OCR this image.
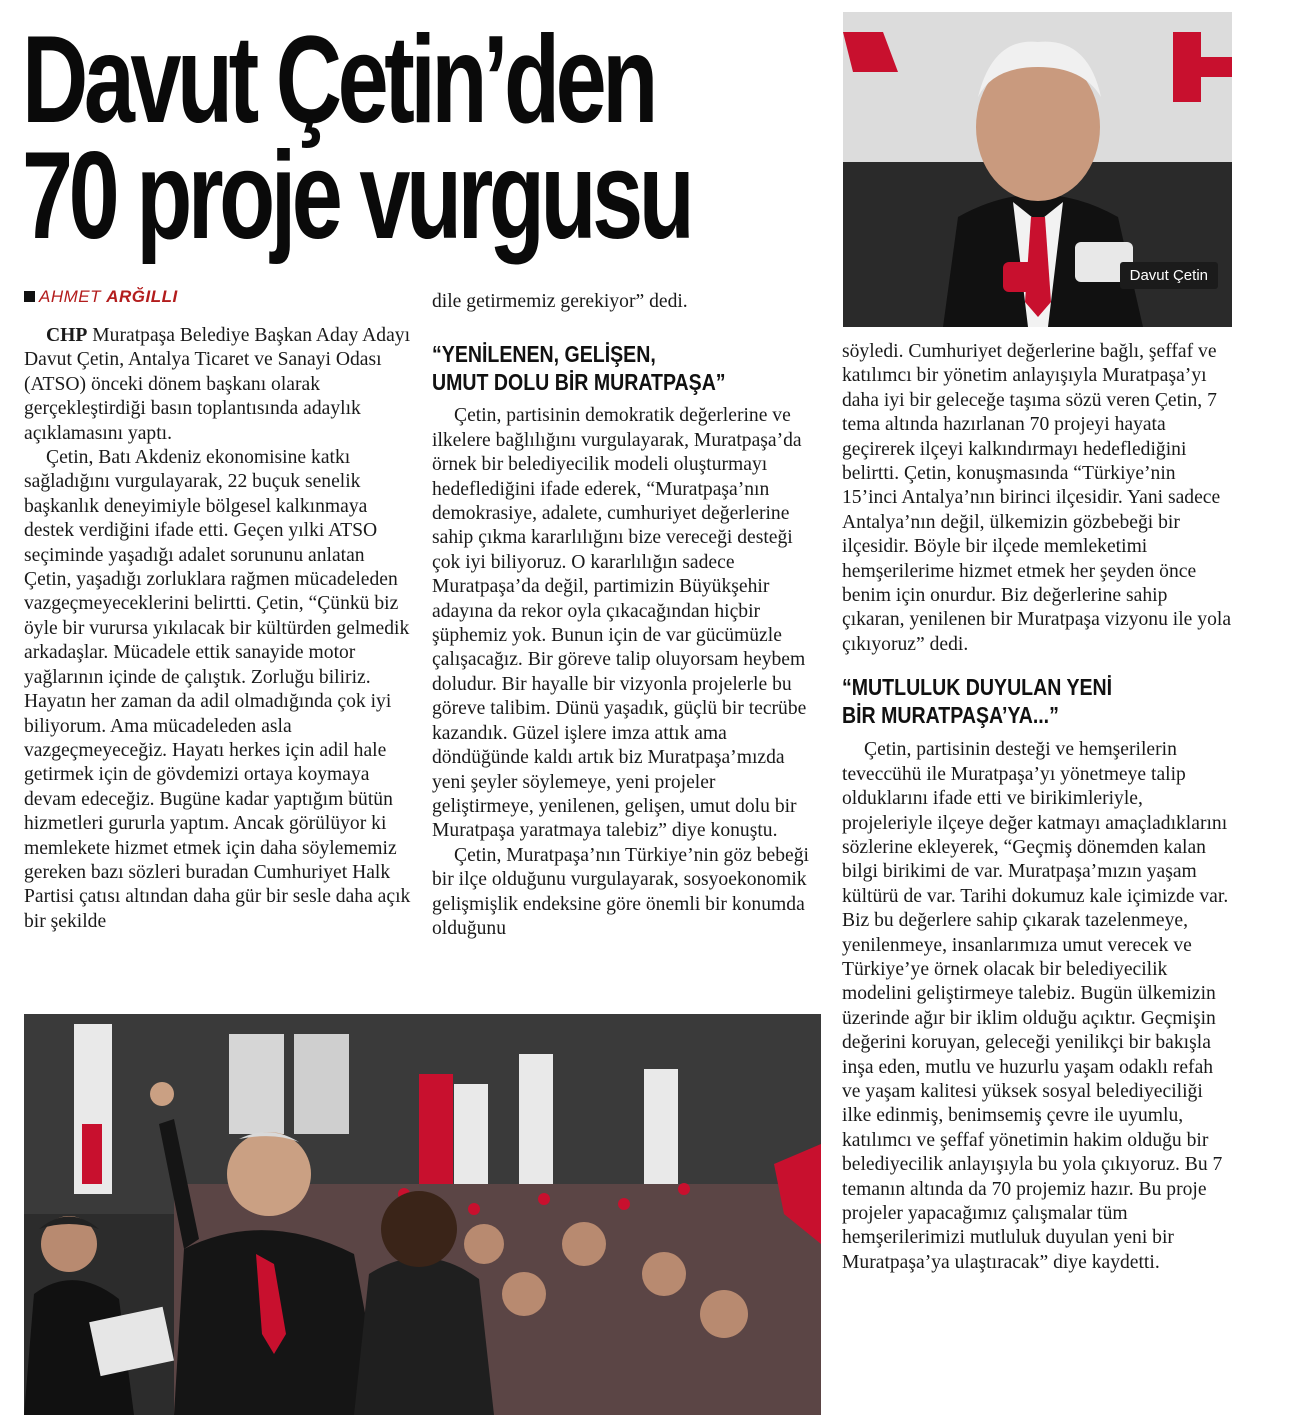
Davut Çetin’den
70 proje vurgusu
Davut Çetin
AHMET ARĞILLI

CHP Muratpaşa Belediye Başkan Aday Adayı Davut Çetin, Antalya Ticaret ve Sanayi Odası (ATSO) önceki dönem başkanı olarak gerçekleştirdiği basın toplantısında adaylık açıklamasını yaptı.

Çetin, Batı Akdeniz ekonomisine katkı sağladığını vurgulayarak, 22 buçuk senelik başkanlık deneyimiyle bölgesel kalkınmaya destek verdiğini ifade etti. Geçen yılki ATSO seçiminde yaşadığı adalet sorununu anlatan Çetin, yaşadığı zorluklara rağmen mücadeleden vazgeçmeyeceklerini belirtti. Çetin, “Çünkü biz öyle bir vurursa yıkılacak bir kültürden gelmedik arkadaşlar. Mücadele ettik sanayide motor yağlarının içinde de çalıştık. Zorluğu biliriz. Hayatın her zaman da adil olmadığında çok iyi biliyorum. Ama mücadeleden asla vazgeçmeyeceğiz. Hayatı herkes için adil hale getirmek için de gövdemizi ortaya koymaya devam edeceğiz. Bugüne kadar yaptığım bütün hizmetleri gururla yaptım. Ancak görülüyor ki memlekete hizmet etmek için daha söylememiz gereken bazı sözleri buradan Cumhuriyet Halk Partisi çatısı altından daha gür bir sesle daha açık bir şekilde

dile getirmemiz gerekiyor” dedi.

“YENİLENEN, GELİŞEN,
UMUT DOLU BİR MURATPAŞA”

Çetin, partisinin demokratik değerlerine ve ilkelere bağlılığını vurgulayarak, Muratpaşa’da örnek bir belediyecilik modeli oluşturmayı hedeflediğini ifade ederek, “Muratpaşa’nın demokrasiye, adalete, cumhuriyet değerlerine sahip çıkma kararlılığını bize vereceği desteği çok iyi biliyoruz. O kararlılığın sadece Muratpaşa’da değil, partimizin Büyükşehir adayına da rekor oyla çıkacağından hiçbir şüphemiz yok. Bunun için de var gücümüzle çalışacağız. Bir göreve talip oluyorsam heybem doludur. Bir hayalle bir vizyonla projelerle bu göreve talibim. Dünü yaşadık, güçlü bir tecrübe kazandık. Güzel işlere imza attık ama döndüğünde kaldı artık biz Muratpaşa’mızda yeni şeyler söylemeye, yeni projeler geliştirmeye, yenilenen, gelişen, umut dolu bir Muratpaşa yaratmaya talebiz” diye konuştu.

Çetin, Muratpaşa’nın Türkiye’nin göz bebeği bir ilçe olduğunu vurgulayarak, sosyoekonomik gelişmişlik endeksine göre önemli bir konumda olduğunu

söyledi. Cumhuriyet değerlerine bağlı, şeffaf ve katılımcı bir yönetim anlayışıyla Muratpaşa’yı daha iyi bir geleceğe taşıma sözü veren Çetin, 7 tema altında hazırlanan 70 projeyi hayata geçirerek ilçeyi kalkındırmayı hedeflediğini belirtti. Çetin, konuşmasında “Türkiye’nin 15’inci Antalya’nın birinci ilçesidir. Yani sadece Antalya’nın değil, ülkemizin gözbebeği bir ilçesidir. Böyle bir ilçede memleketimi hemşerilerime hizmet etmek her şeyden önce benim için onurdur. Biz değerlerine sahip çıkaran, yenilenen bir Muratpaşa vizyonu ile yola çıkıyoruz” dedi.

“MUTLULUK DUYULAN YENİ
BİR MURATPAŞA’YA...”

Çetin, partisinin desteği ve hemşerilerin teveccühü ile Muratpaşa’yı yönetmeye talip olduklarını ifade etti ve birikimleriyle, projeleriyle ilçeye değer katmayı amaçladıklarını sözlerine ekleyerek, “Geçmiş dönemden kalan bilgi birikimi de var. Muratpaşa’mızın yaşam kültürü de var. Tarihi dokumuz kale içimizde var. Biz bu değerlere sahip çıkarak tazelenmeye, yenilenmeye, insanlarımıza umut verecek ve Türkiye’ye örnek olacak bir belediyecilik modelini geliştirmeye talebiz. Bugün ülkemizin üzerinde ağır bir iklim olduğu açıktır. Geçmişin değerini koruyan, geleceği yenilikçi bir bakışla inşa eden, mutlu ve huzurlu yaşam odaklı refah ve yaşam kalitesi yüksek sosyal belediyeciliği ilke edinmiş, benimsemiş çevre ile uyumlu, katılımcı ve şeffaf yönetimin hakim olduğu bir belediyecilik anlayışıyla bu yola çıkıyoruz. Bu 7 temanın altında da 70 projemiz hazır. Bu proje projeler yapacağımız çalışmalar tüm hemşerilerimizi mutluluk duyulan yeni bir Muratpaşa’ya ulaştıracak” diye kaydetti.
